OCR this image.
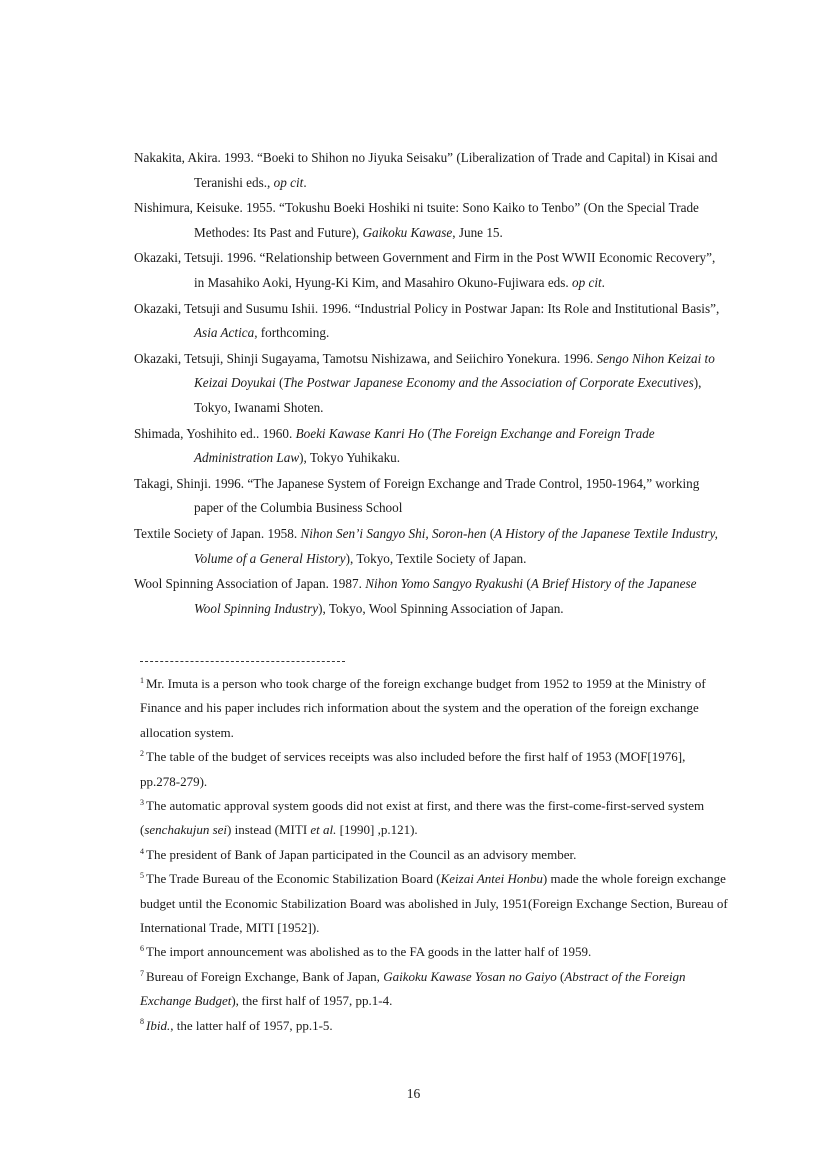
Nakakita, Akira. 1993. “Boeki to Shihon no Jiyuka Seisaku” (Liberalization of Trade and Capital) in Kisai and Teranishi eds., op cit.

Nishimura, Keisuke. 1955. “Tokushu Boeki Hoshiki ni tsuite: Sono Kaiko to Tenbo” (On the Special Trade Methodes: Its Past and Future), Gaikoku Kawase, June 15.

Okazaki, Tetsuji. 1996. “Relationship between Government and Firm in the Post WWII Economic Recovery”, in Masahiko Aoki, Hyung-Ki Kim, and Masahiro Okuno-Fujiwara eds. op cit.

Okazaki, Tetsuji and Susumu Ishii. 1996. “Industrial Policy in Postwar Japan: Its Role and Institutional Basis”, Asia Actica, forthcoming.

Okazaki, Tetsuji, Shinji Sugayama, Tamotsu Nishizawa, and Seiichiro Yonekura. 1996. Sengo Nihon Keizai to Keizai Doyukai (The Postwar Japanese Economy and the Association of Corporate Executives), Tokyo, Iwanami Shoten.

Shimada, Yoshihito ed.. 1960. Boeki Kawase Kanri Ho (The Foreign Exchange and Foreign Trade Administration Law), Tokyo Yuhikaku.

Takagi, Shinji. 1996. “The Japanese System of Foreign Exchange and Trade Control, 1950-1964,” working paper of the Columbia Business School

Textile Society of Japan. 1958. Nihon Sen’i Sangyo Shi, Soron-hen (A History of the Japanese Textile Industry, Volume of a General History), Tokyo, Textile Society of Japan.

Wool Spinning Association of Japan. 1987. Nihon Yomo Sangyo Ryakushi (A Brief History of the Japanese Wool Spinning Industry), Tokyo, Wool Spinning Association of Japan.

$^1$ Mr. Imuta is a person who took charge of the foreign exchange budget from 1952 to 1959 at the Ministry of Finance and his paper includes rich information about the system and the operation of the foreign exchange allocation system.

$^2$ The table of the budget of services receipts was also included before the first half of 1953 (MOF[1976], pp.278-279).

$^3$ The automatic approval system goods did not exist at first, and there was the first-come-first-served system (senchakujun sei) instead (MITI et al. [1990] ,p.121).

$^4$ The president of Bank of Japan participated in the Council as an advisory member.

$^5$ The Trade Bureau of the Economic Stabilization Board (Keizai Antei Honbu) made the whole foreign exchange budget until the Economic Stabilization Board was abolished in July, 1951(Foreign Exchange Section, Bureau of International Trade, MITI [1952]).

$^6$ The import announcement was abolished as to the FA goods in the latter half of 1959.

$^7$ Bureau of Foreign Exchange, Bank of Japan, Gaikoku Kawase Yosan no Gaiyo (Abstract of the Foreign Exchange Budget), the first half of 1957, pp.1-4.

$^8$ Ibid., the latter half of 1957, pp.1-5.

16
